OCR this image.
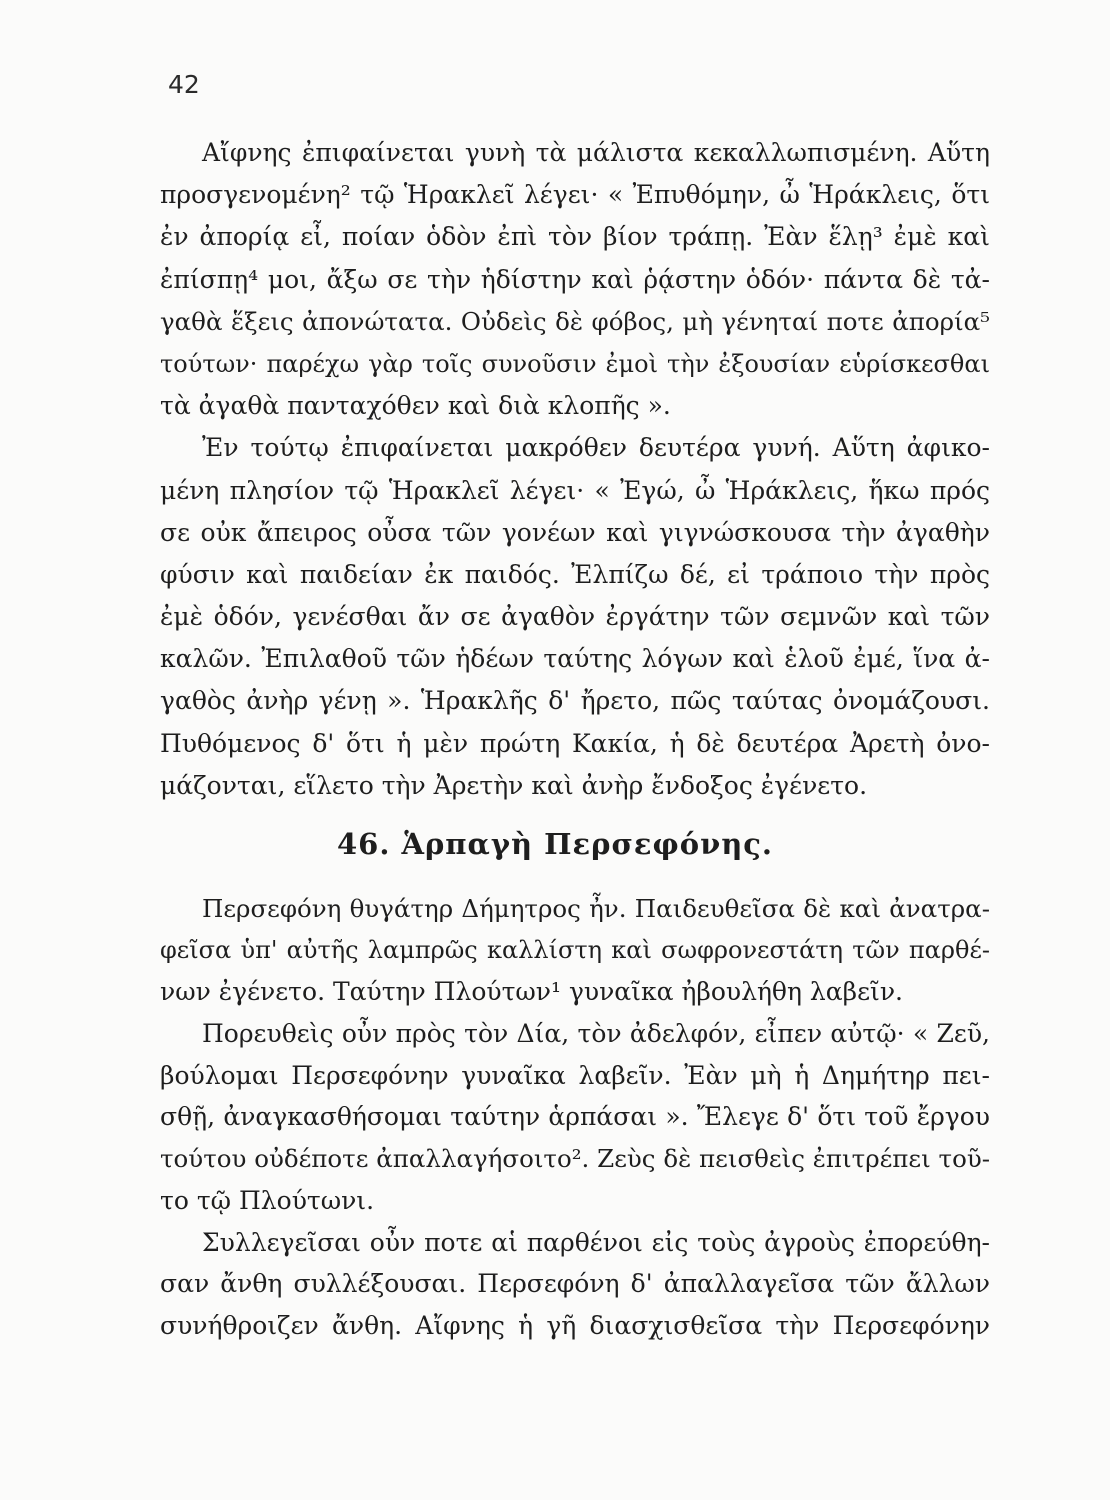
42
Αἴφνης ἐπιφαίνεται γυνὴ τὰ μάλιστα κεκαλλωπισμένη. Αὕτη
προσγενομένη² τῷ Ἡρακλεῖ λέγει· « Ἐπυθόμην, ὦ Ἡράκλεις, ὅτι
ἐν ἀπορίᾳ εἶ, ποίαν ὁδὸν ἐπὶ τὸν βίον τράπῃ. Ἐὰν ἕλῃ³ ἐμὲ καὶ
ἐπίσπῃ⁴ μοι, ἄξω σε τὴν ἡδίστην καὶ ῥᾴστην ὁδόν· πάντα δὲ τἀ-
γαθὰ ἕξεις ἀπονώτατα. Οὐδεὶς δὲ φόβος, μὴ γένηταί ποτε ἀπορία⁵
τούτων· παρέχω γὰρ τοῖς συνοῦσιν ἐμοὶ τὴν ἐξουσίαν εὑρίσκεσθαι
τὰ ἀγαθὰ πανταχόθεν καὶ διὰ κλοπῆς ».
Ἐν τούτῳ ἐπιφαίνεται μακρόθεν δευτέρα γυνή. Αὕτη ἀφικο-
μένη πλησίον τῷ Ἡρακλεῖ λέγει· « Ἐγώ, ὦ Ἡράκλεις, ἥκω πρός
σε οὐκ ἄπειρος οὖσα τῶν γονέων καὶ γιγνώσκουσα τὴν ἀγαθὴν
φύσιν καὶ παιδείαν ἐκ παιδός. Ἐλπίζω δέ, εἰ τράποιο τὴν πρὸς
ἐμὲ ὁδόν, γενέσθαι ἄν σε ἀγαθὸν ἐργάτην τῶν σεμνῶν καὶ τῶν
καλῶν. Ἐπιλαθοῦ τῶν ἡδέων ταύτης λόγων καὶ ἑλοῦ ἐμέ, ἵνα ἀ-
γαθὸς ἀνὴρ γένῃ ». Ἡρακλῆς δ' ἤρετο, πῶς ταύτας ὀνομάζουσι.
Πυθόμενος δ' ὅτι ἡ μὲν πρώτη Κακία, ἡ δὲ δευτέρα Ἀρετὴ ὀνο-
μάζονται, εἵλετο τὴν Ἀρετὴν καὶ ἀνὴρ ἔνδοξος ἐγένετο.
46. Ἁρπαγὴ Περσεφόνης.
Περσεφόνη θυγάτηρ Δήμητρος ἦν. Παιδευθεῖσα δὲ καὶ ἀνατρα-
φεῖσα ὑπ' αὐτῆς λαμπρῶς καλλίστη καὶ σωφρονεστάτη τῶν παρθέ-
νων ἐγένετο. Ταύτην Πλούτων¹ γυναῖκα ἠβουλήθη λαβεῖν.
Πορευθεὶς οὖν πρὸς τὸν Δία, τὸν ἀδελφόν, εἶπεν αὐτῷ· « Ζεῦ,
βούλομαι Περσεφόνην γυναῖκα λαβεῖν. Ἐὰν μὴ ἡ Δημήτηρ πει-
σθῇ, ἀναγκασθήσομαι ταύτην ἁρπάσαι ». Ἔλεγε δ' ὅτι τοῦ ἔργου
τούτου οὐδέποτε ἀπαλλαγήσοιτο². Ζεὺς δὲ πεισθεὶς ἐπιτρέπει τοῦ-
το τῷ Πλούτωνι.
Συλλεγεῖσαι οὖν ποτε αἱ παρθένοι εἰς τοὺς ἀγροὺς ἐπορεύθη-
σαν ἄνθη συλλέξουσαι. Περσεφόνη δ' ἀπαλλαγεῖσα τῶν ἄλλων
συνήθροιζεν ἄνθη. Αἴφνης ἡ γῆ διασχισθεῖσα τὴν Περσεφόνην
